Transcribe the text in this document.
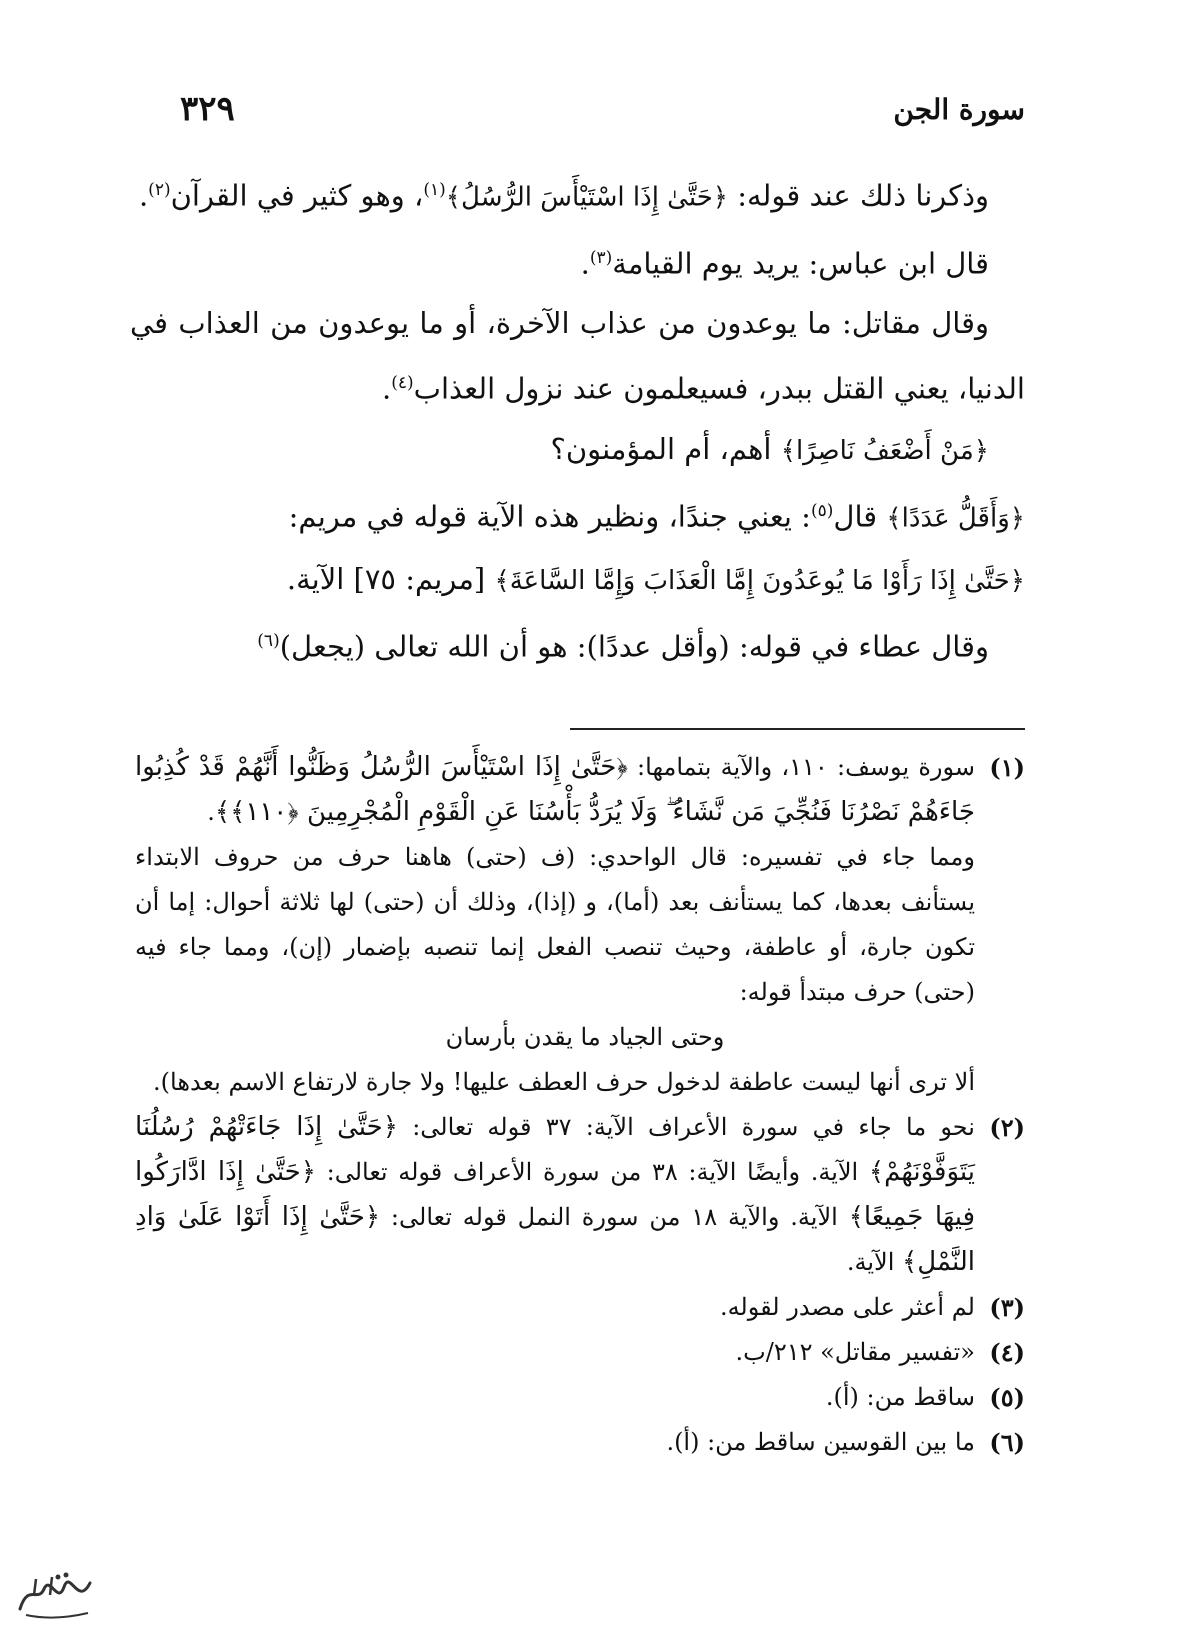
سورة الجن
٣٢٩

وذكرنا ذلك عند قوله: ﴿حَتَّىٰ إِذَا اسْتَيْأَسَ الرُّسُلُ﴾$^{(١)}$، وهو كثير في القرآن$^{(٢)}$.

قال ابن عباس: يريد يوم القيامة$^{(٣)}$.

وقال مقاتل: ما يوعدون من عذاب الآخرة، أو ما يوعدون من العذاب في الدنيا، يعني القتل ببدر، فسيعلمون عند نزول العذاب$^{(٤)}$.

﴿مَنْ أَضْعَفُ نَاصِرًا﴾ أهم، أم المؤمنون؟

﴿وَأَقَلُّ عَدَدًا﴾ قال$^{(٥)}$: يعني جندًا، ونظير هذه الآية قوله في مريم:

﴿حَتَّىٰ إِذَا رَأَوْا مَا يُوعَدُونَ إِمَّا الْعَذَابَ وَإِمَّا السَّاعَةَ﴾ [مريم: ٧٥] الآية.

وقال عطاء في قوله: (وأقل عددًا): هو أن الله تعالى (يجعل)$^{(٦)}$

(١)
سورة يوسف: ١١٠، والآية بتمامها: ﴿حَتَّىٰ إِذَا اسْتَيْأَسَ الرُّسُلُ وَظَنُّوا أَنَّهُمْ قَدْ كُذِبُوا جَاءَهُمْ نَصْرُنَا فَنُجِّيَ مَن نَّشَاءُ ۖ وَلَا يُرَدُّ بَأْسُنَا عَنِ الْقَوْمِ الْمُجْرِمِينَ ﴿١١٠﴾﴾.
ومما جاء في تفسيره: قال الواحدي: (ف (حتى) هاهنا حرف من حروف الابتداء يستأنف بعدها، كما يستأنف بعد (أما)، و (إذا)، وذلك أن (حتى) لها ثلاثة أحوال: إما أن تكون جارة، أو عاطفة، وحيث تنصب الفعل إنما تنصبه بإضمار (إن)، ومما جاء فيه (حتى) حرف مبتدأ قوله:
وحتى الجياد ما يقدن بأرسان
ألا ترى أنها ليست عاطفة لدخول حرف العطف عليها! ولا جارة لارتفاع الاسم بعدها).
(٢)
نحو ما جاء في سورة الأعراف الآية: ٣٧ قوله تعالى: ﴿حَتَّىٰ إِذَا جَاءَتْهُمْ رُسُلُنَا يَتَوَفَّوْنَهُمْ﴾ الآية. وأيضًا الآية: ٣٨ من سورة الأعراف قوله تعالى: ﴿حَتَّىٰ إِذَا ادَّارَكُوا فِيهَا جَمِيعًا﴾ الآية. والآية ١٨ من سورة النمل قوله تعالى: ﴿حَتَّىٰ إِذَا أَتَوْا عَلَىٰ وَادِ النَّمْلِ﴾ الآية.
(٣)
لم أعثر على مصدر لقوله.
(٤)
«تفسير مقاتل» ٢١٢/ب.
(٥)
ساقط من: (أ).
(٦)
ما بين القوسين ساقط من: (أ).
